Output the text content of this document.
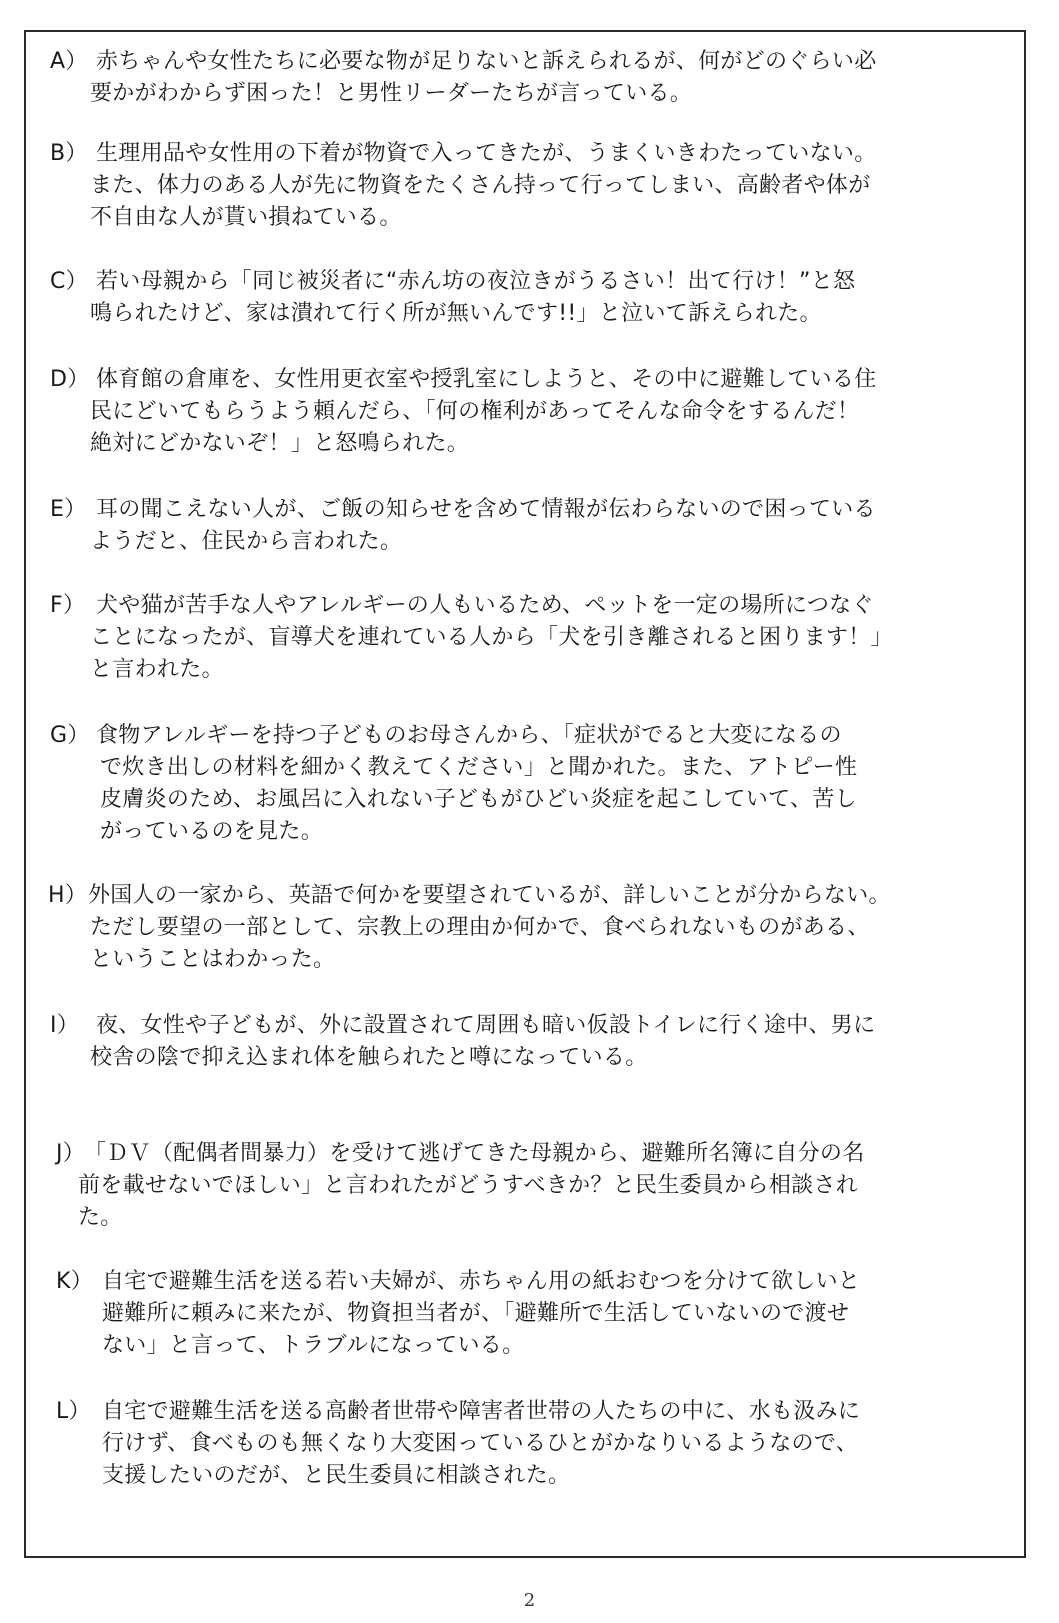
A） 赤ちゃんや女性たちに必要な物が足りないと訴えられるが、何がどのぐらい必
要かがわからず困った！と男性リーダーたちが言っている。
B） 生理用品や女性用の下着が物資で入ってきたが、うまくいきわたっていない。
また、体力のある人が先に物資をたくさん持って行ってしまい、高齢者や体が
不自由な人が貰い損ねている。
C） 若い母親から「同じ被災者に“赤ん坊の夜泣きがうるさい！出て行け！”と怒
鳴られたけど、家は潰れて行く所が無いんです!!」と泣いて訴えられた。
D） 体育館の倉庫を、女性用更衣室や授乳室にしようと、その中に避難している住
民にどいてもらうよう頼んだら、「何の権利があってそんな命令をするんだ！
絶対にどかないぞ！」と怒鳴られた。
E） 耳の聞こえない人が、ご飯の知らせを含めて情報が伝わらないので困っている
ようだと、住民から言われた。
F） 犬や猫が苦手な人やアレルギーの人もいるため、ペットを一定の場所につなぐ
ことになったが、盲導犬を連れている人から「犬を引き離されると困ります！」
と言われた。
G） 食物アレルギーを持つ子どものお母さんから、「症状がでると大変になるの
で炊き出しの材料を細かく教えてください」と聞かれた。また、アトピー性
皮膚炎のため、お風呂に入れない子どもがひどい炎症を起こしていて、苦し
がっているのを見た。
H）外国人の一家から、英語で何かを要望されているが、詳しいことが分からない。
ただし要望の一部として、宗教上の理由か何かで、食べられないものがある、
ということはわかった。
I） 夜、女性や子どもが、外に設置されて周囲も暗い仮設トイレに行く途中、男に
校舎の陰で抑え込まれ体を触られたと噂になっている。
J）「ＤＶ（配偶者間暴力）を受けて逃げてきた母親から、避難所名簿に自分の名
前を載せないでほしい」と言われたがどうすべきか？と民生委員から相談され
た。
K） 自宅で避難生活を送る若い夫婦が、赤ちゃん用の紙おむつを分けて欲しいと
避難所に頼みに来たが、物資担当者が、「避難所で生活していないので渡せ
ない」と言って、トラブルになっている。
L） 自宅で避難生活を送る高齢者世帯や障害者世帯の人たちの中に、水も汲みに
行けず、食べものも無くなり大変困っているひとがかなりいるようなので、
支援したいのだが、と民生委員に相談された。
2
